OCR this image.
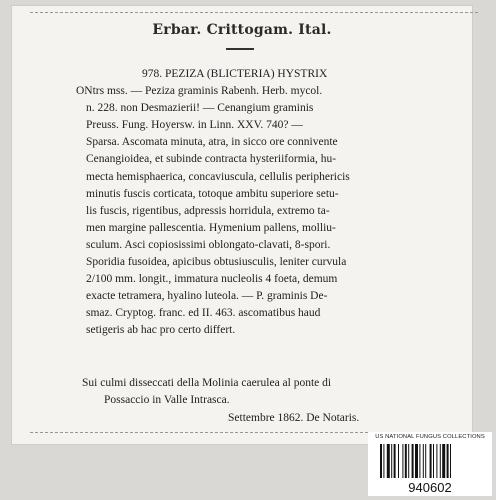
Erbar. Crittogam. Ital.
978. PEZIZA (BLICTERIA) HYSTRIX
ONtrs mss. — Peziza graminis Rabenh. Herb. mycol.
n. 228. non Desmazierii! — Cenangium graminis
Preuss. Fung. Hoyersw. in Linn. XXV. 740? —
Sparsa. Ascomata minuta, atra, in sicco ore connivente
Cenangioidea, et subinde contracta hysteriiformia, hu-
mecta hemisphaerica, concaviuscula, cellulis periphericis
minutis fuscis corticata, totoque ambitu superiore setu-
lis fuscis, rigentibus, adpressis horridula, extremo ta-
men margine pallescentia. Hymenium pallens, molliu-
sculum. Asci copiosissimi oblongato-clavati, 8-spori.
Sporidia fusoidea, apicibus obtusiusculis, leniter curvula
2/100 mm. longit., immatura nucleolis 4 foeta, demum
exacte tetramera, hyalino luteola. — P. graminis De-
smaz. Cryptog. franc. ed II. 463. ascomatibus haud
setigeris ab hac pro certo differt.
Sui culmi disseccati della Molinia caerulea al ponte di
Possaccio in Valle Intrasca.
Settembre 1862. De Notaris.
US NATIONAL FUNGUS COLLECTIONS
940602
